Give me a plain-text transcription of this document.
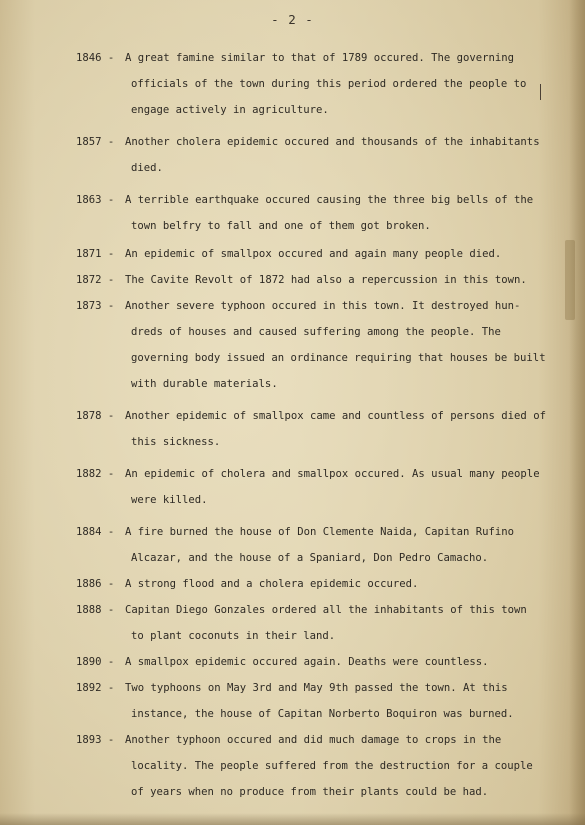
- 2 -
1846 - A great famine similar to that of 1789 occured. The governing
officials of the town during this period ordered the people to
engage actively in agriculture.
1857 - Another cholera epidemic occured and thousands of the inhabitants
died.
1863 - A terrible earthquake occured causing the three big bells of the
town belfry to fall and one of them got broken.
1871 - An epidemic of smallpox occured and again many people died.
1872 - The Cavite Revolt of 1872 had also a repercussion in this town.
1873 - Another severe typhoon occured in this town. It destroyed hun-
dreds of houses and caused suffering among the people. The
governing body issued an ordinance requiring that houses be built
with durable materials.
1878 - Another epidemic of smallpox came and countless of persons died of
this sickness.
1882 - An epidemic of cholera and smallpox occured. As usual many people
were killed.
1884 - A fire burned the house of Don Clemente Naida, Capitan Rufino
Alcazar, and the house of a Spaniard, Don Pedro Camacho.
1886 - A strong flood and a cholera epidemic occured.
1888 - Capitan Diego Gonzales ordered all the inhabitants of this town
to plant coconuts in their land.
1890 - A smallpox epidemic occured again. Deaths were countless.
1892 - Two typhoons on May 3rd and May 9th passed the town. At this
instance, the house of Capitan Norberto Boquiron was burned.
1893 - Another typhoon occured and did much damage to crops in the
locality. The people suffered from the destruction for a couple
of years when no produce from their plants could be had.
